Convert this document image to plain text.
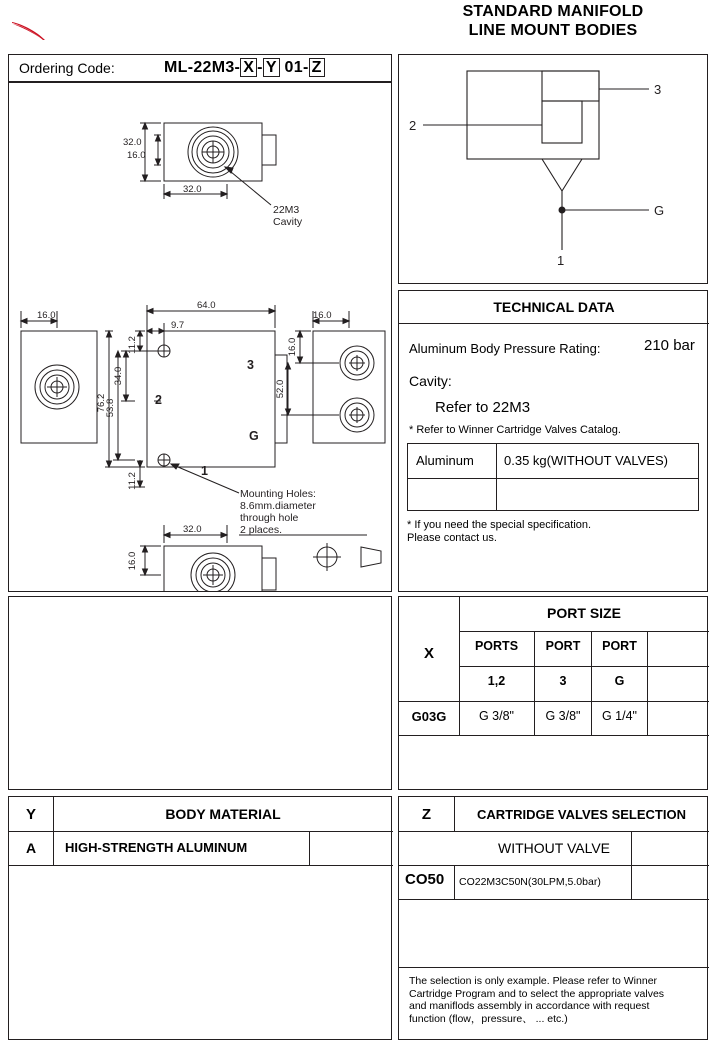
STANDARD MANIFOLD
LINE MOUNT BODIES
Ordering Code:	ML-22M3- X - Y 01- Z
32.0
16.0
32.0
16.0
64.0
9.7
16.0
32.0
11.2
34.0
76.2
53.8
11.2
16.0
52.0
16.0
3
2
G
1
22M3
Cavity
Mounting Holes:
8.6mm.diameter
through hole
2 places.
3
2
G
1
TECHNICAL DATA
Aluminum Body Pressure Rating:	210 bar
Cavity:
Refer to 22M3
* Refer to Winner Cartridge Valves Catalog.
Aluminum 0.35 kg(WITHOUT VALVES)
* If you need the special specification.
Please contact us.
PORT SIZE
X	PORTS	PORT	PORT
1,2	3	G
G03G	G 3/8"	G 3/8"	G 1/4"
Y	BODY MATERIAL
A	HIGH-STRENGTH ALUMINUM
Z	CARTRIDGE VALVES SELECTION
WITHOUT VALVE
CO50 CO22M3C50N(30LPM,5.0bar)
The selection is only example. Please refer to Winner
Cartridge Program and to select the appropriate valves
and maniflods assembly in accordance with request
function (flow，pressure、 ... etc.)
